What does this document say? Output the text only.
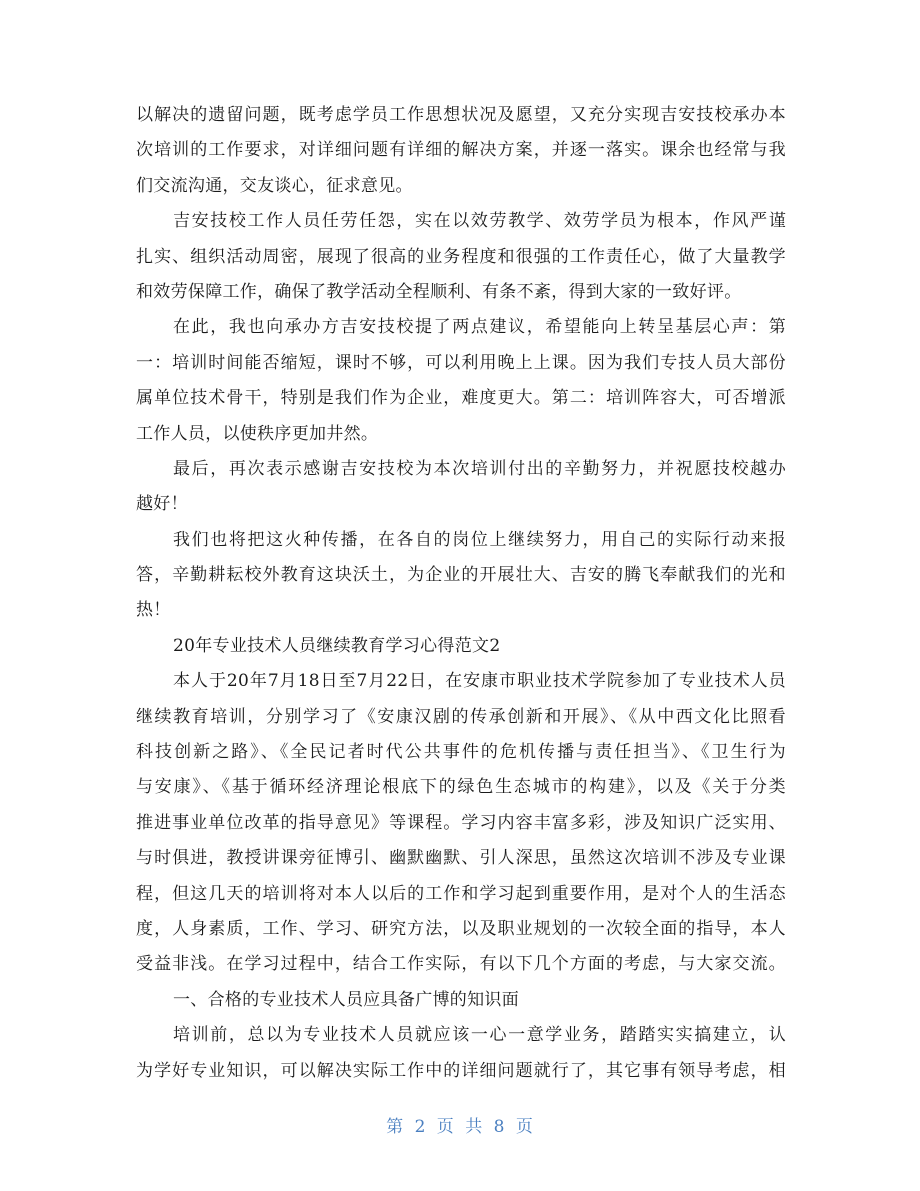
以解决的遗留问题，既考虑学员工作思想状况及愿望，又充分实现吉安技校承办本
次培训的工作要求，对详细问题有详细的解决方案，并逐一落实。课余也经常与我
们交流沟通，交友谈心，征求意见。
吉安技校工作人员任劳任怨，实在以效劳教学、效劳学员为根本，作风严谨
扎实、组织活动周密，展现了很高的业务程度和很强的工作责任心，做了大量教学
和效劳保障工作，确保了教学活动全程顺利、有条不紊，得到大家的一致好评。
在此，我也向承办方吉安技校提了两点建议，希望能向上转呈基层心声：第
一：培训时间能否缩短，课时不够，可以利用晚上上课。因为我们专技人员大部份
属单位技术骨干，特别是我们作为企业，难度更大。第二：培训阵容大，可否增派
工作人员，以使秩序更加井然。
最后，再次表示感谢吉安技校为本次培训付出的辛勤努力，并祝愿技校越办
越好！
我们也将把这火种传播，在各自的岗位上继续努力，用自己的实际行动来报
答，辛勤耕耘校外教育这块沃土，为企业的开展壮大、吉安的腾飞奉献我们的光和
热！
20年专业技术人员继续教育学习心得范文2
本人于20年7月18日至7月22日，在安康市职业技术学院参加了专业技术人员
继续教育培训，分别学习了《安康汉剧的传承创新和开展》、《从中西文化比照看
科技创新之路》、《全民记者时代公共事件的危机传播与责任担当》、《卫生行为
与安康》、《基于循环经济理论根底下的绿色生态城市的构建》，以及《关于分类
推进事业单位改革的指导意见》等课程。学习内容丰富多彩，涉及知识广泛实用、
与时俱进，教授讲课旁征博引、幽默幽默、引人深思，虽然这次培训不涉及专业课
程，但这几天的培训将对本人以后的工作和学习起到重要作用，是对个人的生活态
度，人身素质，工作、学习、研究方法，以及职业规划的一次较全面的指导，本人
受益非浅。在学习过程中，结合工作实际，有以下几个方面的考虑，与大家交流。
一、合格的专业技术人员应具备广博的知识面
培训前，总以为专业技术人员就应该一心一意学业务，踏踏实实搞建立，认
为学好专业知识，可以解决实际工作中的详细问题就行了，其它事有领导考虑，相
第 2 页 共 8 页
